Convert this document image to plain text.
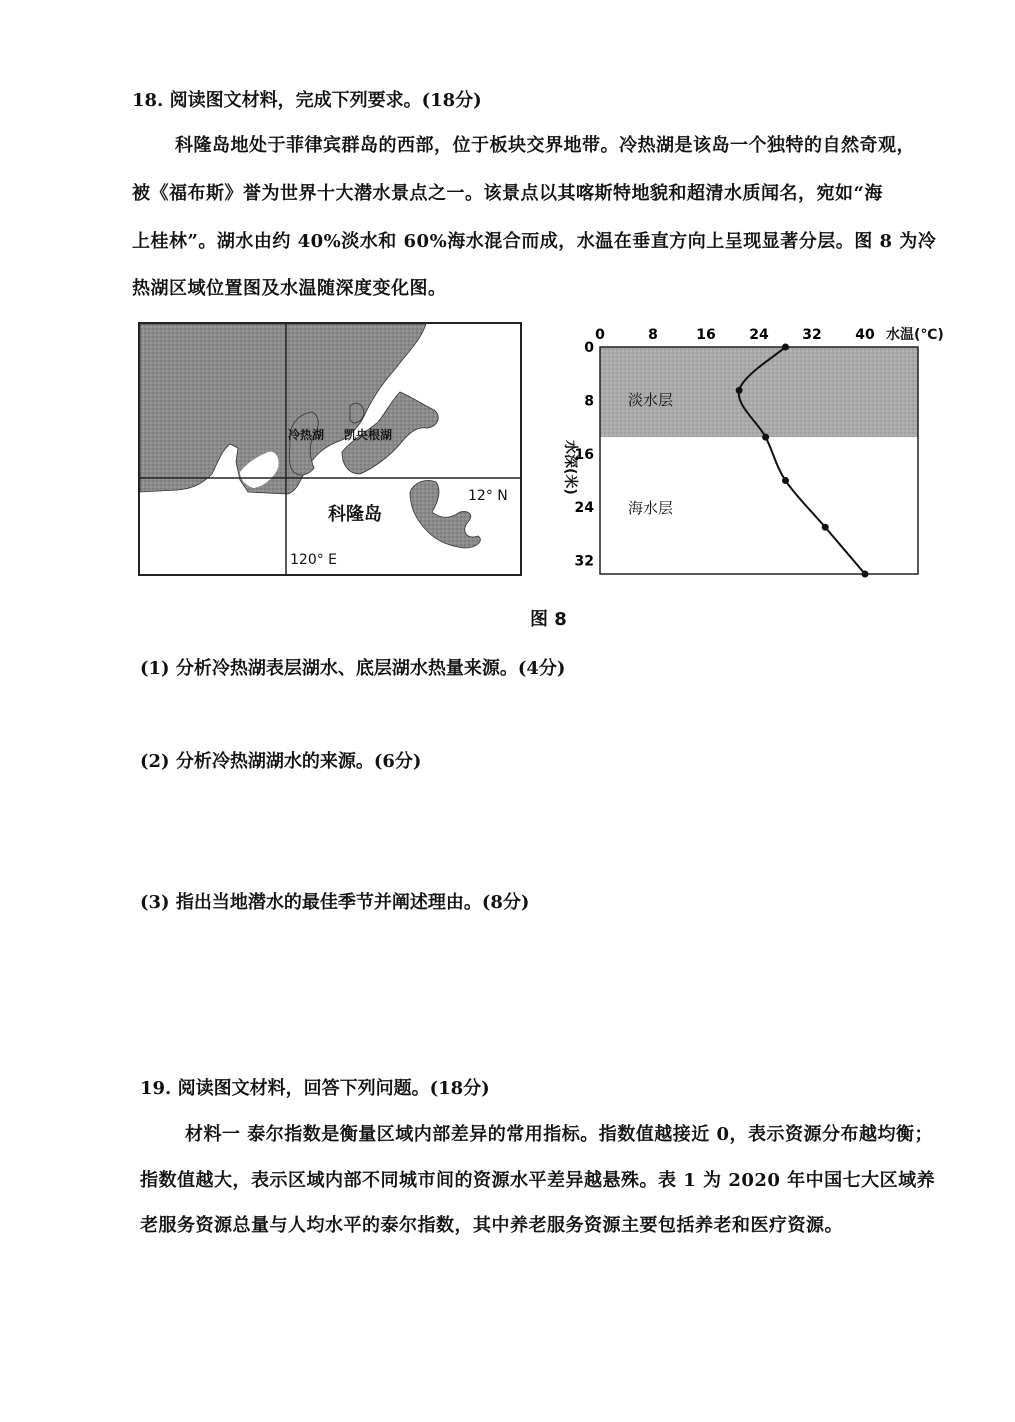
18. 阅读图文材料，完成下列要求。(18分)
科隆岛地处于菲律宾群岛的西部，位于板块交界地带。冷热湖是该岛一个独特的自然奇观，
被《福布斯》誉为世界十大潜水景点之一。该景点以其喀斯特地貌和超清水质闻名，宛如“海
上桂林”。湖水由约 40%淡水和 60%海水混合而成，水温在垂直方向上呈现显著分层。图 8 为冷
热湖区域位置图及水温随深度变化图。
冷热湖 凯央根湖
科隆岛
12° N
120° E
0	8	16 24 32 40
0
8
16
24
32
水温(℃)
淡水层
海水层
水深(米)
图 8
(1) 分析冷热湖表层湖水、底层湖水热量来源。(4分)
(2) 分析冷热湖湖水的来源。(6分)
(3) 指出当地潜水的最佳季节并阐述理由。(8分)
19. 阅读图文材料，回答下列问题。(18分)
材料一 泰尔指数是衡量区域内部差异的常用指标。指数值越接近 0，表示资源分布越均衡；
指数值越大，表示区域内部不同城市间的资源水平差异越悬殊。表 1 为 2020 年中国七大区域养
老服务资源总量与人均水平的泰尔指数，其中养老服务资源主要包括养老和医疗资源。
